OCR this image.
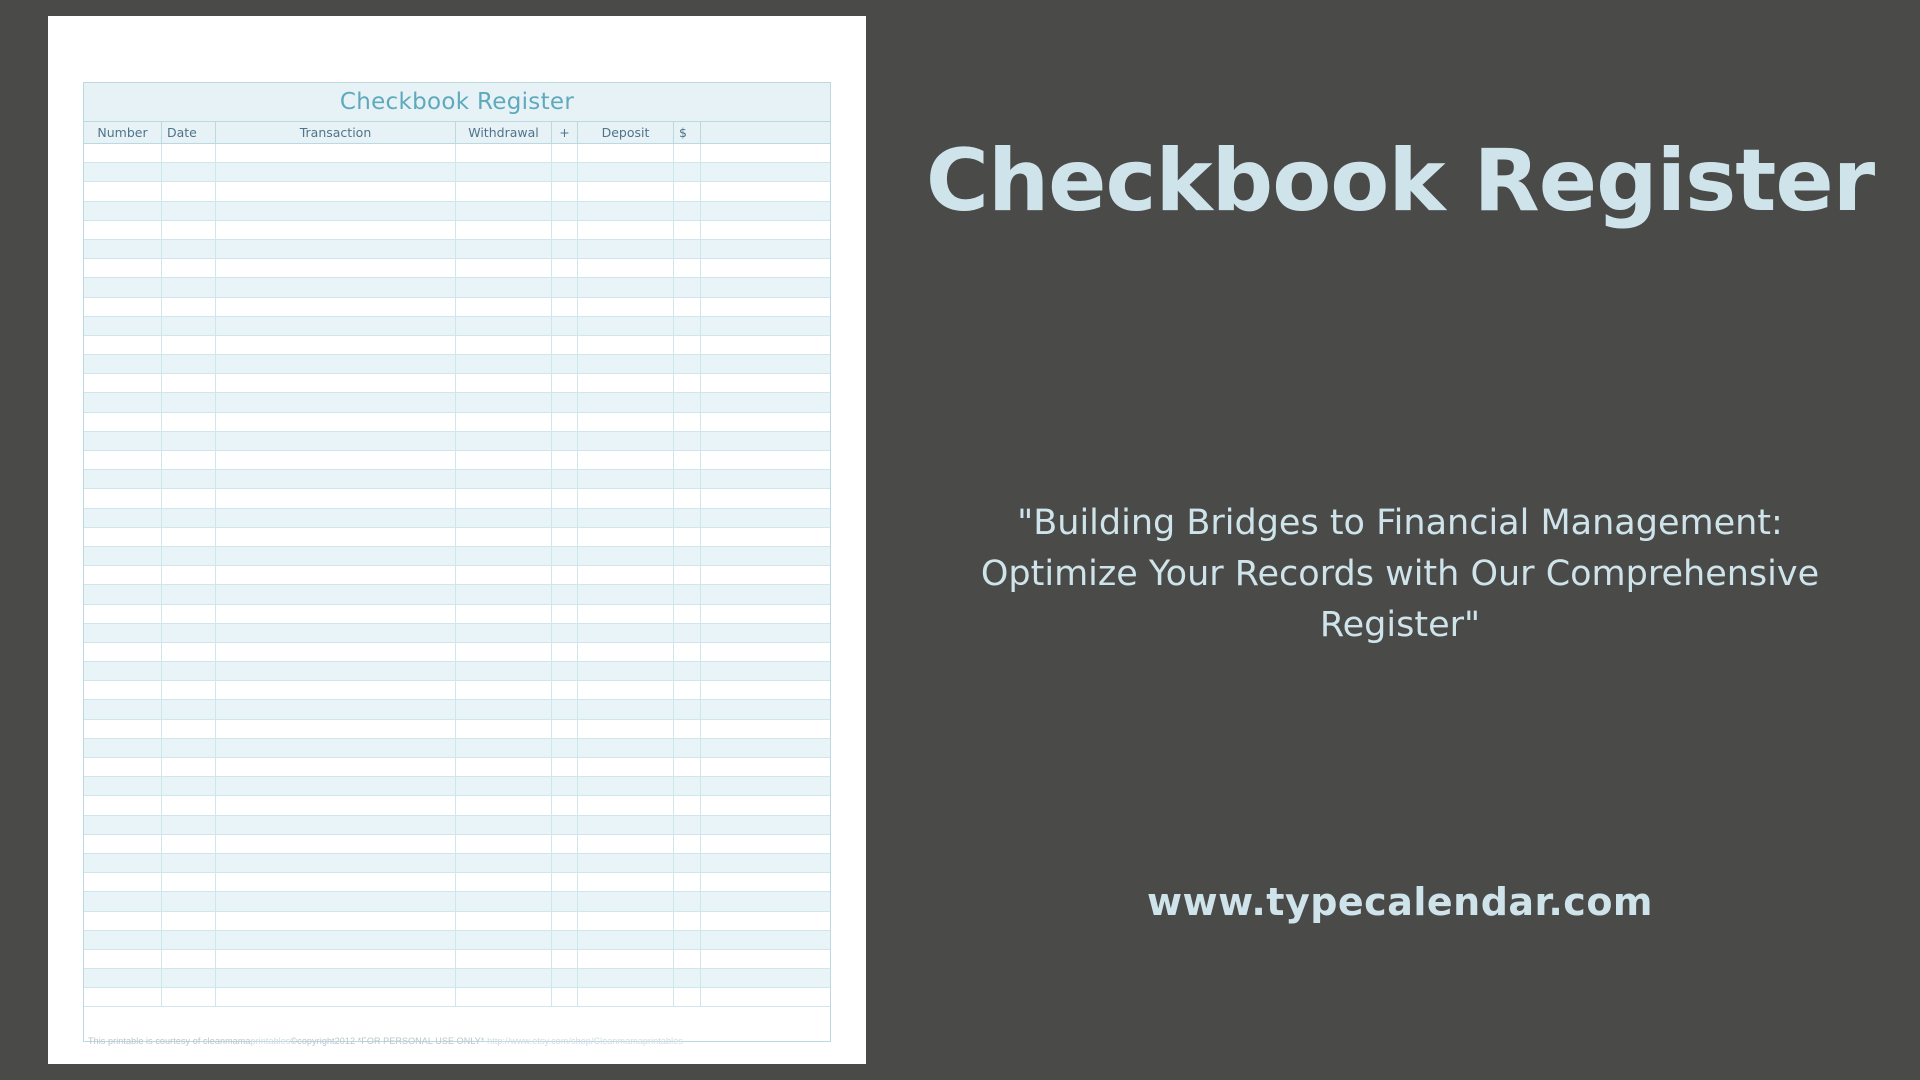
Checkbook Register
Number	Date	Transaction	Withdrawal	+	Deposit	$
This printable is courtesy of cleanmamaprintables©copyright2012 *FOR PERSONAL USE ONLY* http://www.etsy.com/shop/Cleanmamaprintables
Checkbook Register
"Building Bridges to Financial Management: Optimize Your Records with Our Comprehensive Register"
www.typecalendar.com
